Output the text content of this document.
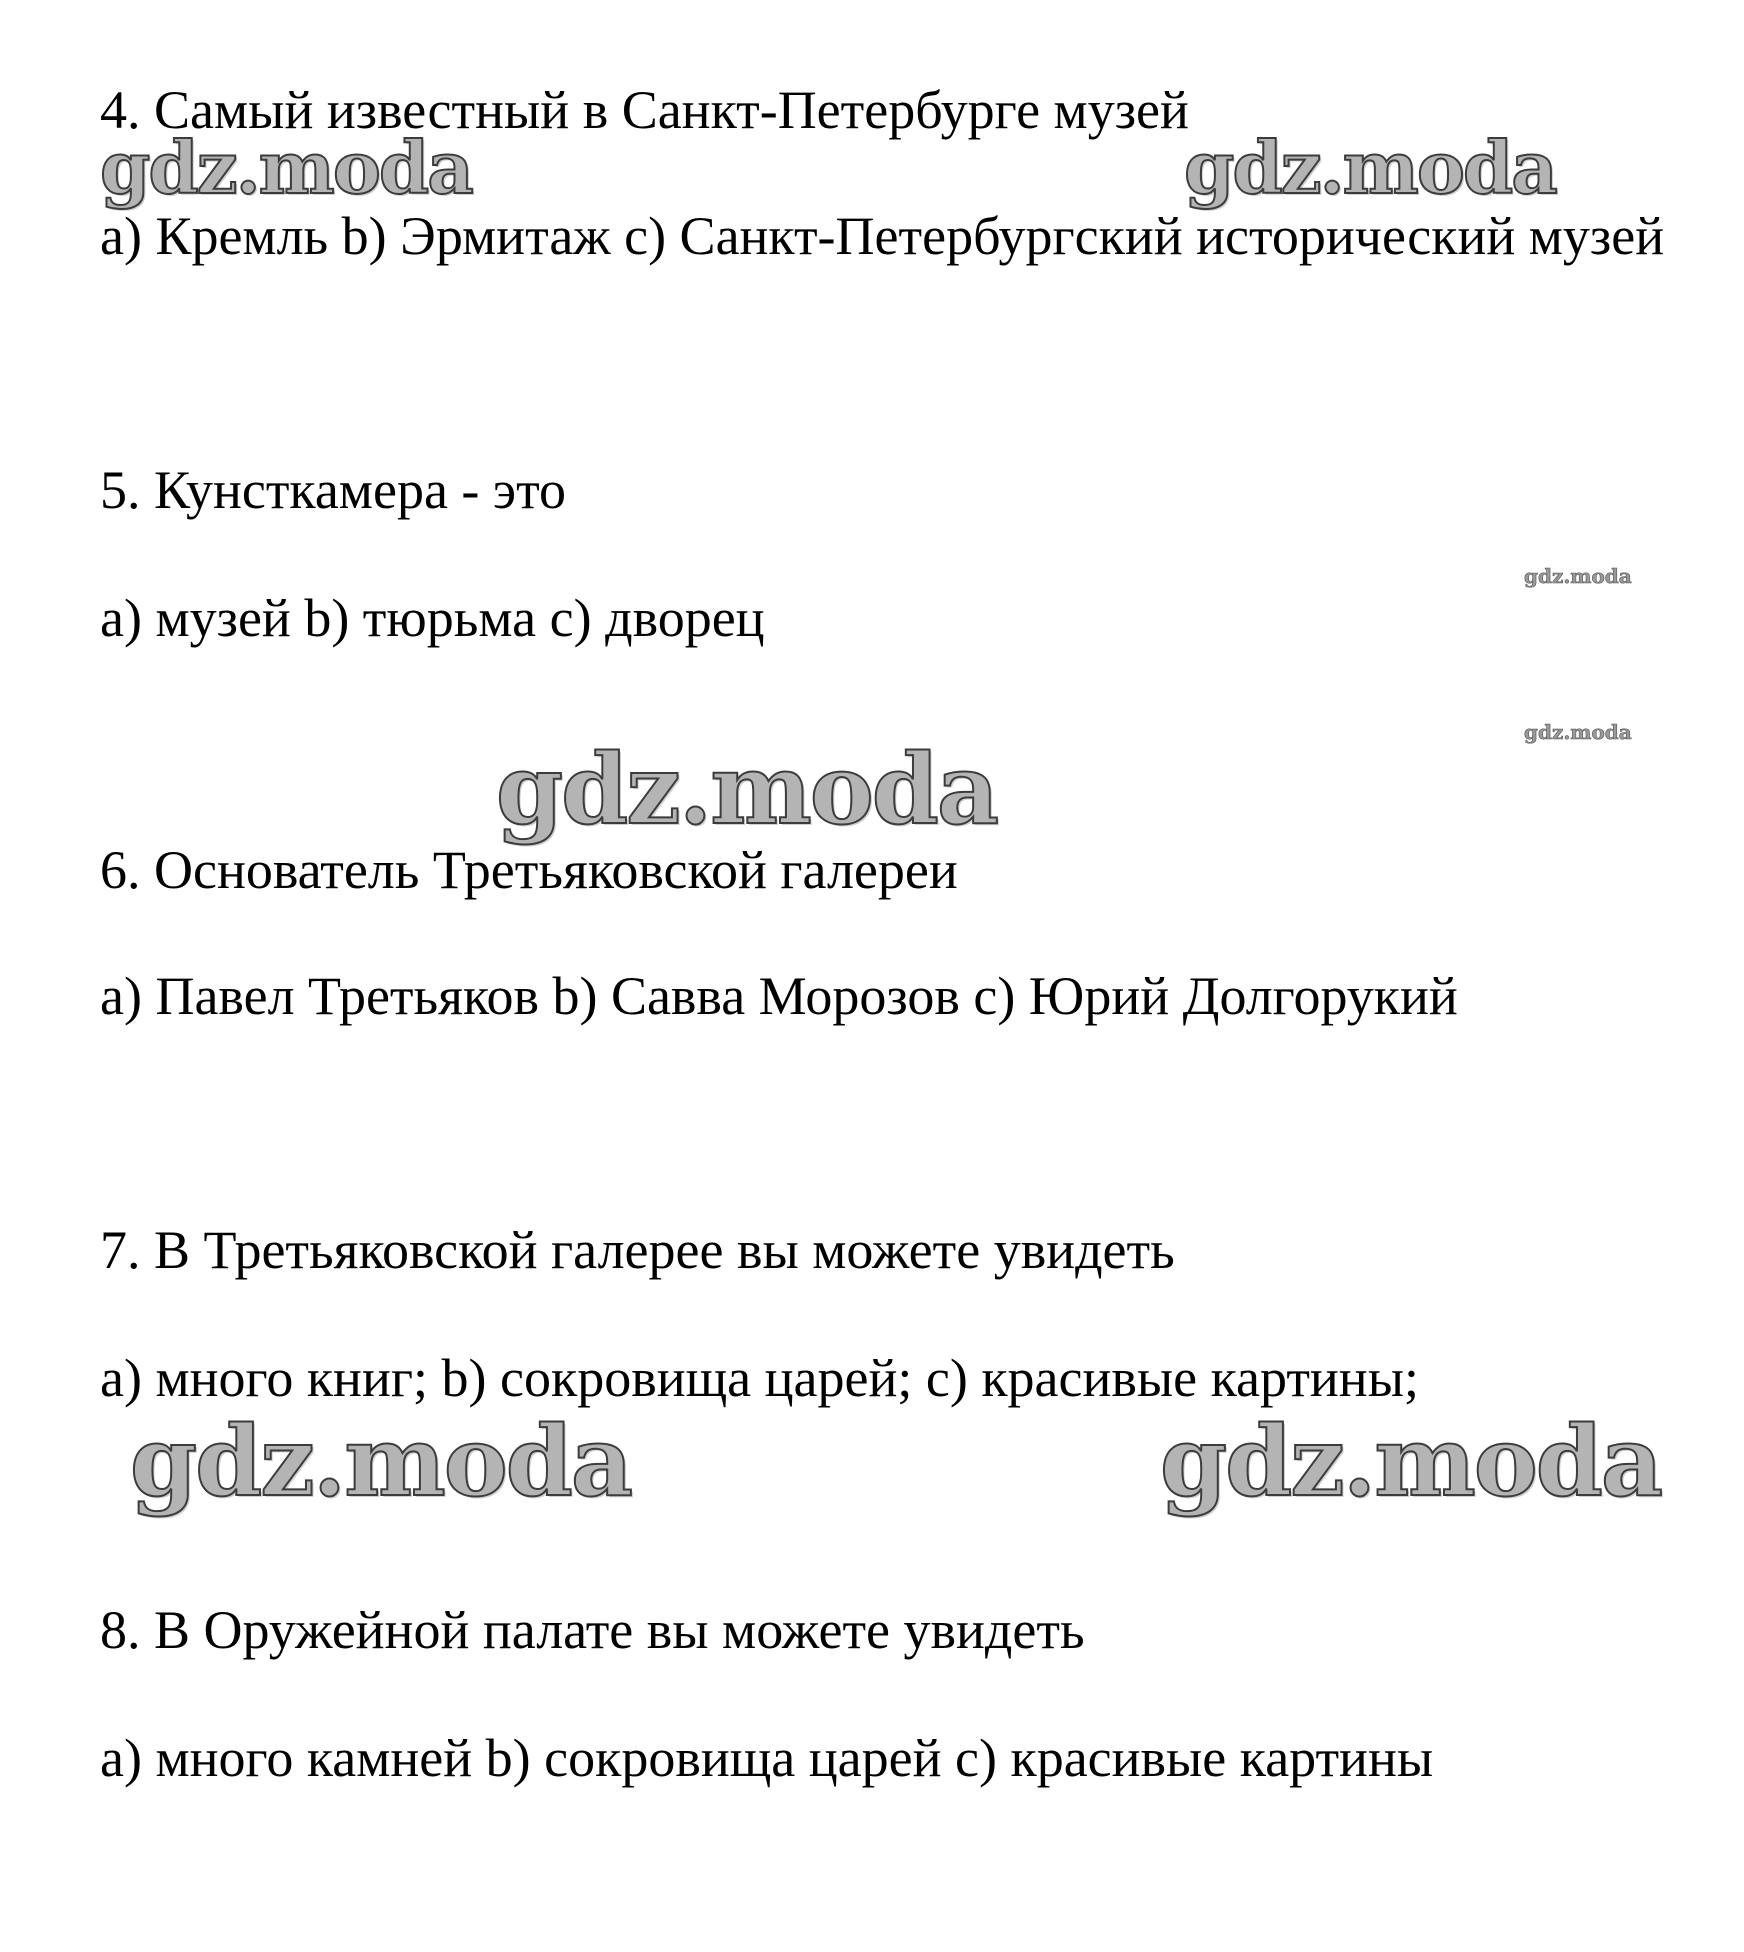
4. Самый известный в Санкт-Петербурге музей

a) Кремль b) Эрмитаж c) Санкт-Петербургский исторический музей

5. Кунсткамера - это

a) музей b) тюрьма c) дворец

6. Основатель Третьяковской галереи

a) Павел Третьяков b) Савва Морозов c) Юрий Долгорукий

7. В Третьяковской галерее вы можете увидеть

a) много книг; b) сокровища царей; c) красивые картины;

8. В Оружейной палате вы можете увидеть

a) много камней b) сокровища царей c) красивые картины

gdz.moda	gdz.moda
gdz.moda
gdz.moda
gdz.moda
gdz.moda	gdz.moda
